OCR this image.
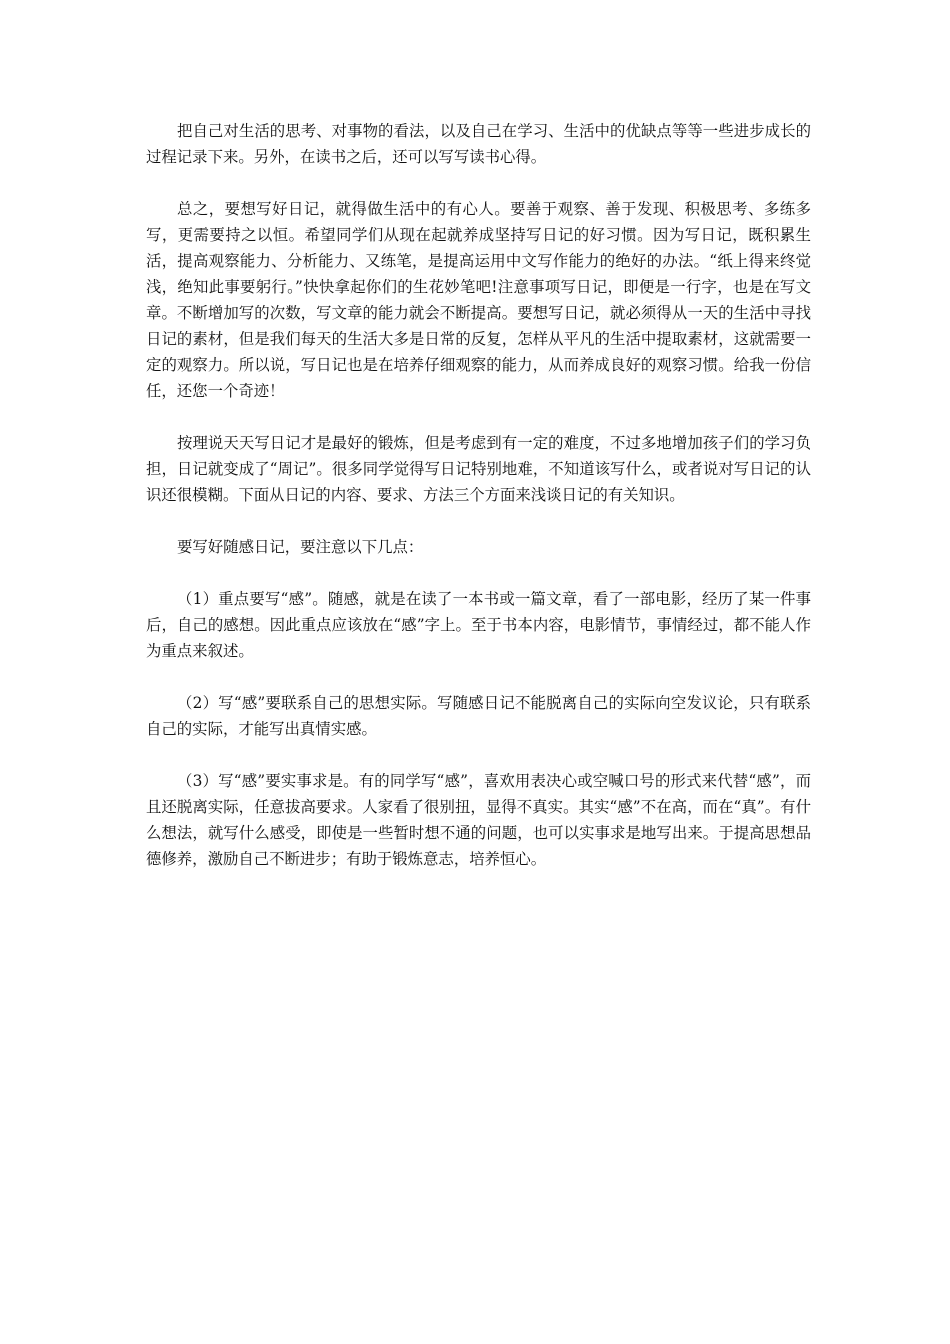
把自己对生活的思考、对事物的看法，以及自己在学习、生活中的优缺点等等一些进步成长的过程记录下来。另外，在读书之后，还可以写写读书心得。

总之，要想写好日记，就得做生活中的有心人。要善于观察、善于发现、积极思考、多练多写，更需要持之以恒。希望同学们从现在起就养成坚持写日记的好习惯。因为写日记，既积累生活，提高观察能力、分析能力、又练笔，是提高运用中文写作能力的绝好的办法。“纸上得来终觉浅，绝知此事要躬行。”快快拿起你们的生花妙笔吧!注意事项写日记，即便是一行字，也是在写文章。不断增加写的次数，写文章的能力就会不断提高。要想写日记，就必须得从一天的生活中寻找日记的素材，但是我们每天的生活大多是日常的反复，怎样从平凡的生活中提取素材，这就需要一定的观察力。所以说，写日记也是在培养仔细观察的能力，从而养成良好的观察习惯。给我一份信任，还您一个奇迹！

按理说天天写日记才是最好的锻炼，但是考虑到有一定的难度，不过多地增加孩子们的学习负担，日记就变成了“周记”。很多同学觉得写日记特别地难，不知道该写什么，或者说对写日记的认识还很模糊。下面从日记的内容、要求、方法三个方面来浅谈日记的有关知识。

要写好随感日记，要注意以下几点：

（1）重点要写“感”。随感，就是在读了一本书或一篇文章，看了一部电影，经历了某一件事后，自己的感想。因此重点应该放在“感”字上。至于书本内容，电影情节，事情经过，都不能人作为重点来叙述。

（2）写“感”要联系自己的思想实际。写随感日记不能脱离自己的实际向空发议论，只有联系自己的实际，才能写出真情实感。

（3）写“感”要实事求是。有的同学写“感”，喜欢用表决心或空喊口号的形式来代替“感”，而且还脱离实际，任意拔高要求。人家看了很别扭，显得不真实。其实“感”不在高，而在“真”。有什么想法，就写什么感受，即使是一些暂时想不通的问题，也可以实事求是地写出来。于提高思想品德修养，激励自己不断进步；有助于锻炼意志，培养恒心。
